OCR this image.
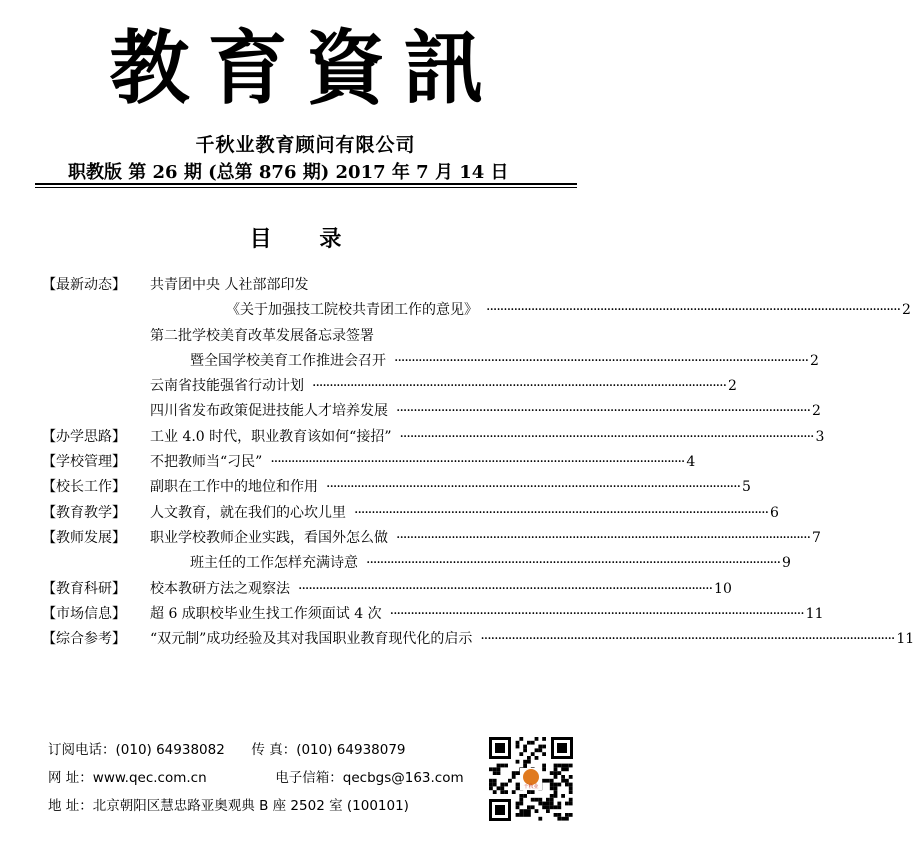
教育資訊
千秋业教育顾问有限公司
职教版 第 26 期 (总第 876 期) 2017 年 7 月 14 日
目 录
【最新动态】 共青团中央 人社部部印发
《关于加强技工院校共青团工作的意见》 ························································································································ 2
第二批学校美育改革发展备忘录签署
暨全国学校美育工作推进会召开 ························································································································ 2
云南省技能强省行动计划 ························································································································ 2
四川省发布政策促进技能人才培养发展 ························································································································ 2
【办学思路】 工业 4.0 时代，职业教育该如何“接招” ························································································································ 3
【学校管理】 不把教师当“刁民” ························································································································ 4
【校长工作】 副职在工作中的地位和作用 ························································································································ 5
【教育教学】 人文教育，就在我们的心坎儿里 ························································································································ 6
【教师发展】 职业学校教师企业实践，看国外怎么做 ························································································································ 7
班主任的工作怎样充满诗意 ························································································································ 9
【教育科研】 校本教研方法之观察法 ························································································································ 10
【市场信息】 超 6 成职校毕业生找工作须面试 4 次 ························································································································ 11
【综合参考】 “双元制”成功经验及其对我国职业教育现代化的启示 ························································································································ 11
订阅电话：(010) 64938082 传 真：(010) 64938079
网 址：www.qec.com.cn	电子信箱：qecbgs@163.com
地 址：北京朝阳区慧忠路亚奥观典 B 座 2502 室 (100101)
千秋业
